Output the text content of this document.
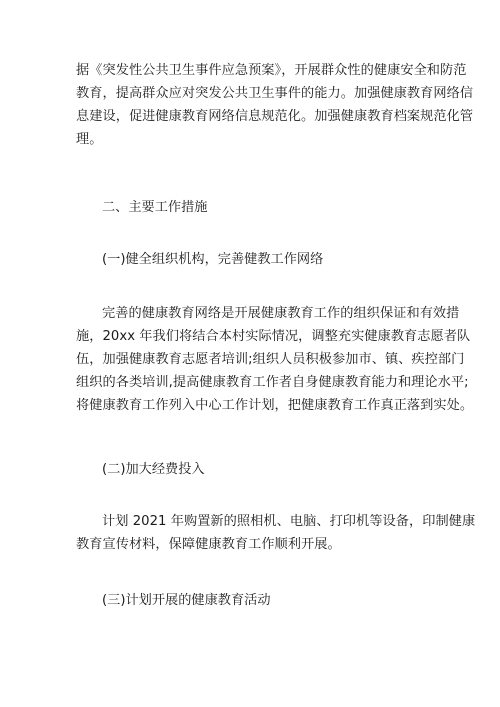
据《突发性公共卫生事件应急预案》，开展群众性的健康安全和防范
教育，提高群众应对突发公共卫生事件的能力。加强健康教育网络信
息建设，促进健康教育网络信息规范化。加强健康教育档案规范化管
理。
二、主要工作措施
(一)健全组织机构，完善健教工作网络
完善的健康教育网络是开展健康教育工作的组织保证和有效措
施，20xx 年我们将结合本村实际情况，调整充实健康教育志愿者队
伍，加强健康教育志愿者培训;组织人员积极参加市、镇、疾控部门
组织的各类培训,提高健康教育工作者自身健康教育能力和理论水平;
将健康教育工作列入中心工作计划，把健康教育工作真正落到实处。
(二)加大经费投入
计划 2021 年购置新的照相机、电脑、打印机等设备，印制健康
教育宣传材料，保障健康教育工作顺利开展。
(三)计划开展的健康教育活动
